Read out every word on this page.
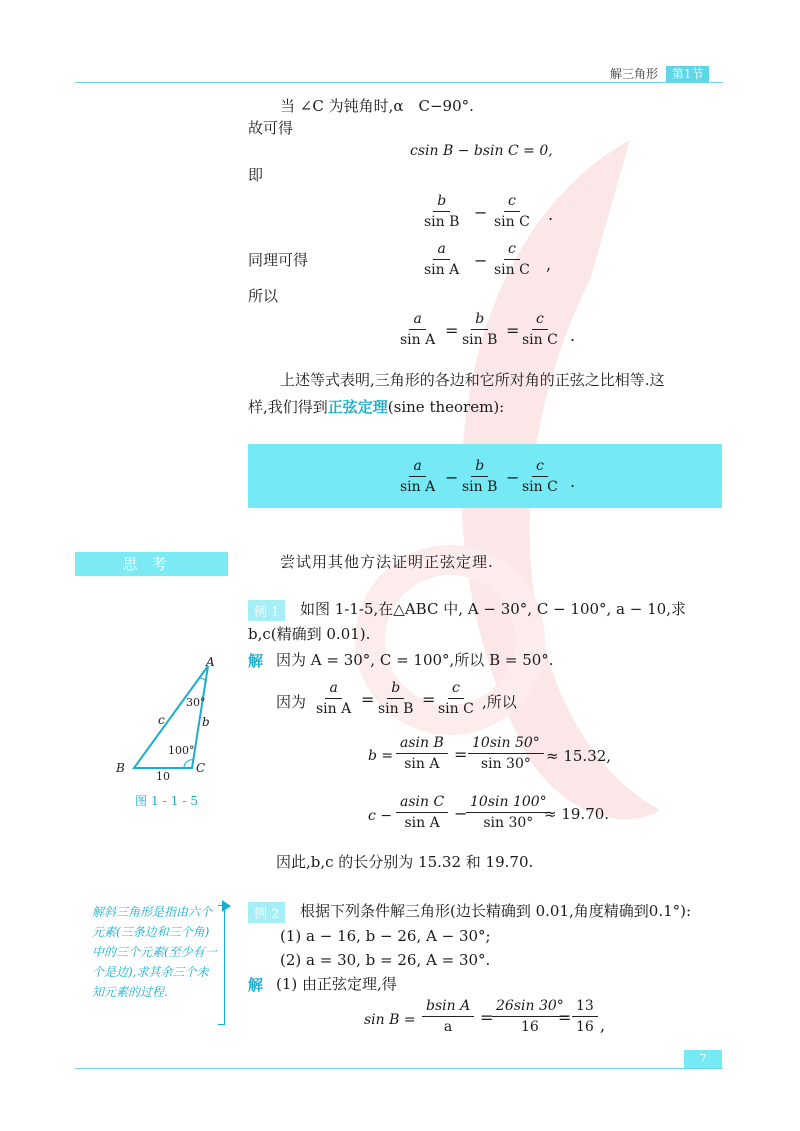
解三角形 第1节
当 ∠C 为钝角时,α　C−90°.
故可得
csin B − bsin C = 0,
即
$\frac{b}{\text{sin B}} - \frac{c}{\text{sin C}}$ .
同理可得	$\frac{a}{\text{sin A}} - \frac{c}{\text{sin C}}$ ,
所以
$\frac{a}{\text{sin A}} = \frac{b}{\text{sin B}}$ =
$\frac{c}{\text{sin C}}$ .
上述等式表明,三角形的各边和它所对角的正弦之比相等.这
样,我们得到正弦定理(sine theorem):
$\frac{a}{\text{sin A}} - \frac{b}{\text{sin B}}$ −
$\frac{c}{\text{sin C}}$ .
思考	尝试用其他方法证明正弦定理.
例 1	如图 1-1-5,在△ABC 中, A − 30°, C − 100°, a − 10,求
b,c(精确到 0.01).
解 因为 A = 30°, C = 100°,所以 B = 50°.
因为 $\frac{a}{\text{sin A}} = \frac{b}{\text{sin B}}$ =
$\frac{c}{\text{sin C}}$ ,所以
$b = \frac{\text{asin B}}{\text{sin A}} = \frac{10\sin 50^\circ}{\sin 30^\circ} \approx 15.32$,
$c - \frac{\text{asin C}}{\text{sin A}}$ −
$\frac{10\sin 100^\circ}{\sin 30^\circ}$
≈ 19.70.
因此,b,c 的长分别为 15.32 和 19.70.
A
B	C
c	b
10
30°
100°
图1-1-5
例 2	根据下列条件解三角形(边长精确到 0.01,角度精确到0.1°):
(1) a − 16, b − 26, A − 30°;
(2) a = 30, b = 26, A = 30°.
解 (1) 由正弦定理,得
$\sin B = \frac{\text{bsin A}}{a}$ =
$\frac{26\sin 30^\circ}{16}$
= $\frac{13}{16}$ ,
解斜三角形是指由六个元素(三条边和三个角)中的三个元素(至少有一个是边),求其余三个未知元素的过程.
7
